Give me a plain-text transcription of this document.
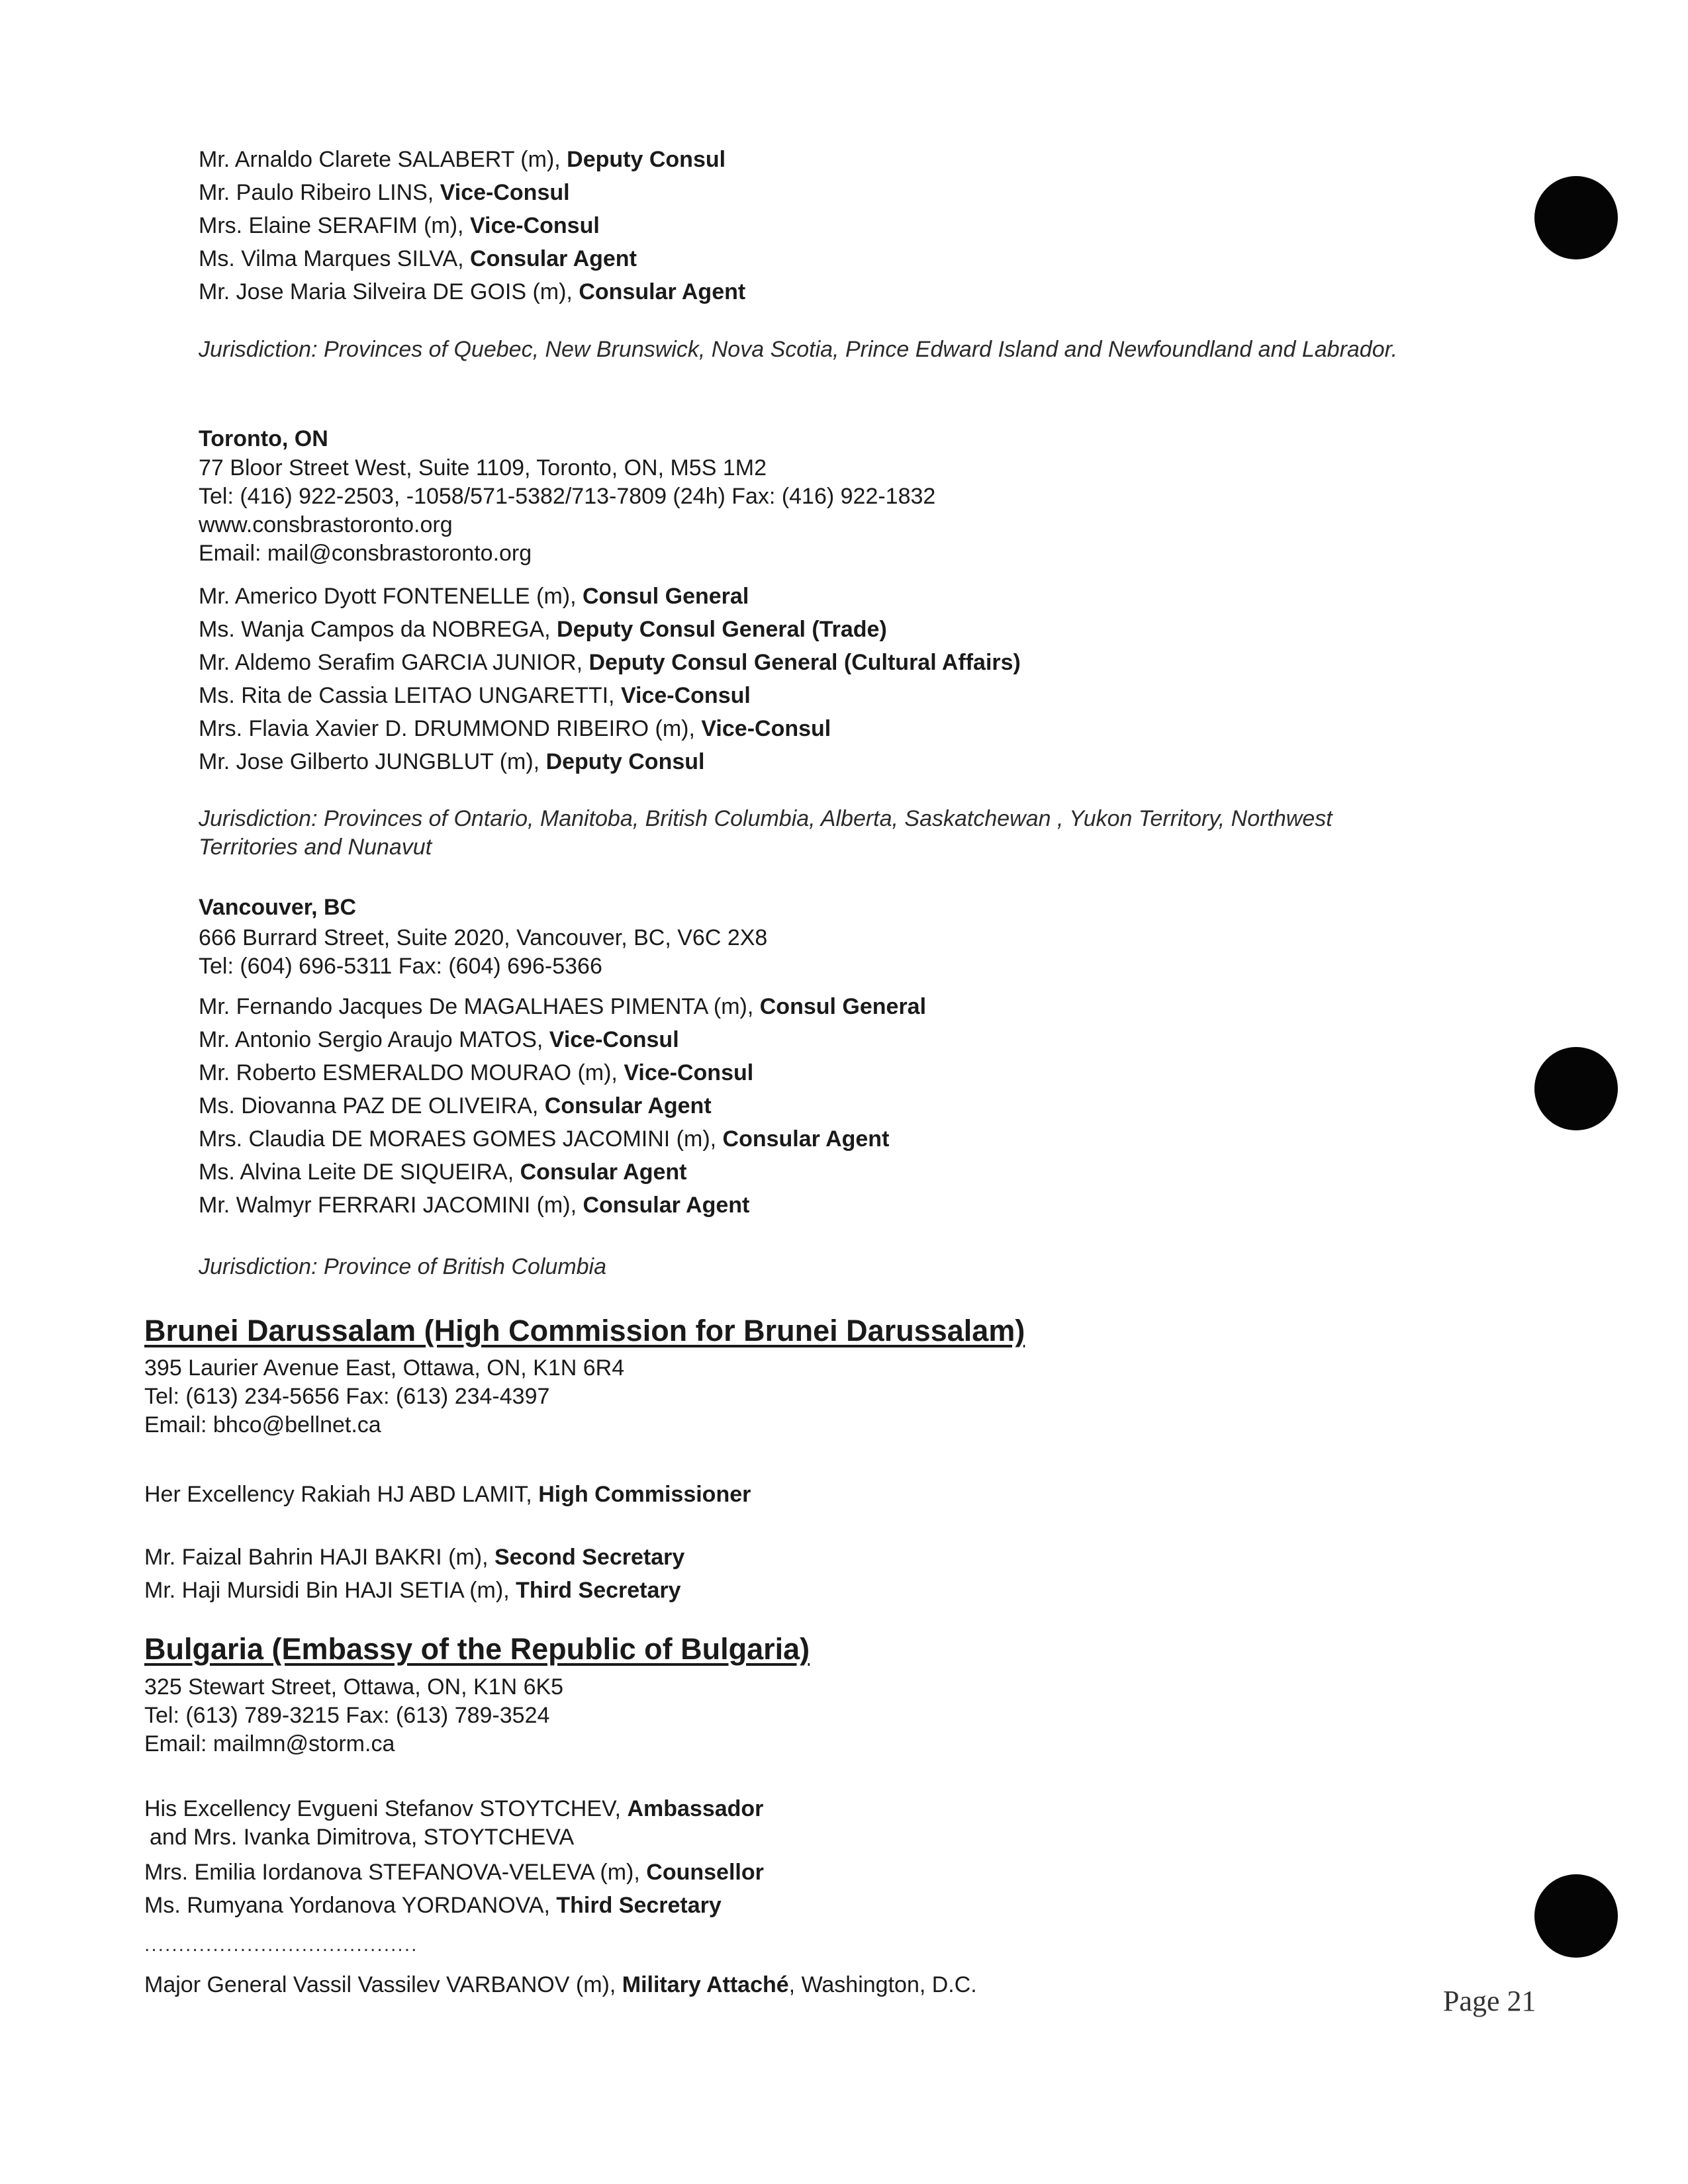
Mr. Arnaldo Clarete SALABERT (m), Deputy Consul
Mr. Paulo Ribeiro LINS, Vice-Consul
Mrs. Elaine SERAFIM (m), Vice-Consul
Ms. Vilma Marques SILVA, Consular Agent
Mr. Jose Maria Silveira DE GOIS (m), Consular Agent
Jurisdiction: Provinces of Quebec, New Brunswick, Nova Scotia, Prince Edward Island and Newfoundland and Labrador.
Toronto, ON
77 Bloor Street West, Suite 1109, Toronto, ON, M5S 1M2
Tel: (416) 922-2503, -1058/571-5382/713-7809 (24h) Fax: (416) 922-1832
www.consbrastoronto.org
Email: mail@consbrastoronto.org
Mr. Americo Dyott FONTENELLE (m), Consul General
Ms. Wanja Campos da NOBREGA, Deputy Consul General (Trade)
Mr. Aldemo Serafim GARCIA JUNIOR, Deputy Consul General (Cultural Affairs)
Ms. Rita de Cassia LEITAO UNGARETTI, Vice-Consul
Mrs. Flavia Xavier D. DRUMMOND RIBEIRO (m), Vice-Consul
Mr. Jose Gilberto JUNGBLUT (m), Deputy Consul
Jurisdiction: Provinces of Ontario, Manitoba, British Columbia, Alberta, Saskatchewan , Yukon Territory, Northwest
Territories and Nunavut
Vancouver, BC
666 Burrard Street, Suite 2020, Vancouver, BC, V6C 2X8
Tel: (604) 696-5311 Fax: (604) 696-5366
Mr. Fernando Jacques De MAGALHAES PIMENTA (m), Consul General
Mr. Antonio Sergio Araujo MATOS, Vice-Consul
Mr. Roberto ESMERALDO MOURAO (m), Vice-Consul
Ms. Diovanna PAZ DE OLIVEIRA, Consular Agent
Mrs. Claudia DE MORAES GOMES JACOMINI (m), Consular Agent
Ms. Alvina Leite DE SIQUEIRA, Consular Agent
Mr. Walmyr FERRARI JACOMINI (m), Consular Agent
Jurisdiction: Province of British Columbia
Brunei Darussalam (High Commission for Brunei Darussalam)
395 Laurier Avenue East, Ottawa, ON, K1N 6R4
Tel: (613) 234-5656 Fax: (613) 234-4397
Email: bhco@bellnet.ca
Her Excellency Rakiah HJ ABD LAMIT, High Commissioner
Mr. Faizal Bahrin HAJI BAKRI (m), Second Secretary
Mr. Haji Mursidi Bin HAJI SETIA (m), Third Secretary
Bulgaria (Embassy of the Republic of Bulgaria)
325 Stewart Street, Ottawa, ON, K1N 6K5
Tel: (613) 789-3215 Fax: (613) 789-3524
Email: mailmn@storm.ca
His Excellency Evgueni Stefanov STOYTCHEV, Ambassador
and Mrs. Ivanka Dimitrova, STOYTCHEVA
Mrs. Emilia Iordanova STEFANOVA-VELEVA (m), Counsellor
Ms. Rumyana Yordanova YORDANOVA, Third Secretary
........................................
Major General Vassil Vassilev VARBANOV (m), Military Attaché, Washington, D.C.	Page 21
